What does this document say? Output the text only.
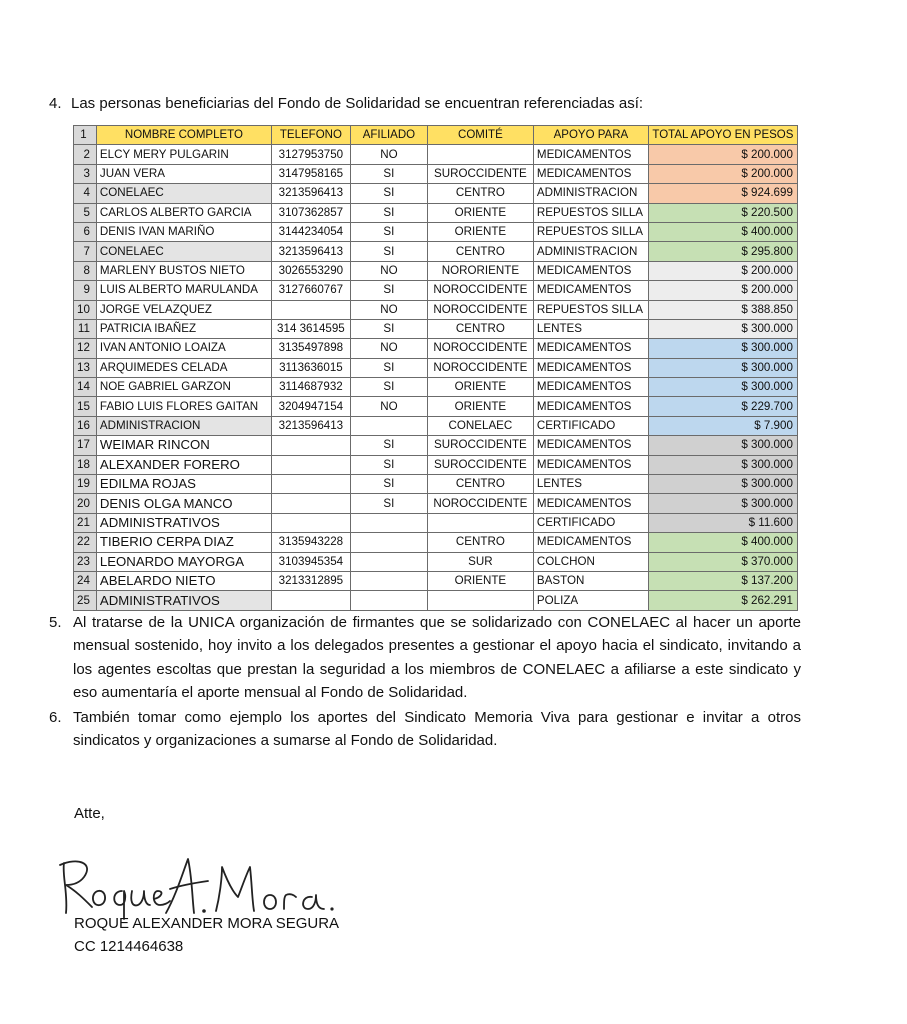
4. Las personas beneficiarias del Fondo de Solidaridad se encuentran referenciadas así:
1	NOMBRE COMPLETO	TELEFONO	AFILIADO	COMITÉ	APOYO PARA	TOTAL APOYO EN PESOS
2	ELCY MERY PULGARIN	3127953750	NO		MEDICAMENTOS	$ 200.000
3	JUAN VERA	3147958165	SI	SUROCCIDENTE	MEDICAMENTOS	$ 200.000
4	CONELAEC	3213596413	SI	CENTRO	ADMINISTRACION	$ 924.699
5	CARLOS ALBERTO GARCIA	3107362857	SI	ORIENTE	REPUESTOS SILLA	$ 220.500
6	DENIS IVAN MARIÑO	3144234054	SI	ORIENTE	REPUESTOS SILLA	$ 400.000
7	CONELAEC	3213596413	SI	CENTRO	ADMINISTRACION	$ 295.800
8	MARLENY BUSTOS NIETO	3026553290	NO	NORORIENTE	MEDICAMENTOS	$ 200.000
9	LUIS ALBERTO MARULANDA	3127660767	SI	NOROCCIDENTE	MEDICAMENTOS	$ 200.000
10	JORGE VELAZQUEZ		NO	NOROCCIDENTE	REPUESTOS SILLA	$ 388.850
11	PATRICIA IBAÑEZ	314 3614595	SI	CENTRO	LENTES	$ 300.000
12	IVAN ANTONIO LOAIZA	3135497898	NO	NOROCCIDENTE	MEDICAMENTOS	$ 300.000
13	ARQUIMEDES CELADA	3113636015	SI	NOROCCIDENTE	MEDICAMENTOS	$ 300.000
14	NOE GABRIEL GARZON	3114687932	SI	ORIENTE	MEDICAMENTOS	$ 300.000
15	FABIO LUIS FLORES GAITAN	3204947154	NO	ORIENTE	MEDICAMENTOS	$ 229.700
16	ADMINISTRACION	3213596413		CONELAEC	CERTIFICADO	$ 7.900
17	WEIMAR RINCON		SI	SUROCCIDENTE	MEDICAMENTOS	$ 300.000
18	ALEXANDER FORERO		SI	SUROCCIDENTE	MEDICAMENTOS	$ 300.000
19	EDILMA ROJAS		SI	CENTRO	LENTES	$ 300.000
20	DENIS OLGA MANCO		SI	NOROCCIDENTE	MEDICAMENTOS	$ 300.000
21	ADMINISTRATIVOS				CERTIFICADO	$ 11.600
22	TIBERIO CERPA DIAZ	3135943228		CENTRO	MEDICAMENTOS	$ 400.000
23	LEONARDO MAYORGA	3103945354		SUR	COLCHON	$ 370.000
24	ABELARDO NIETO	3213312895		ORIENTE	BASTON	$ 137.200
25	ADMINISTRATIVOS				POLIZA	$ 262.291
5. Al tratarse de la UNICA organización de firmantes que se solidarizado con CONELAEC al hacer un aporte mensual sostenido, hoy invito a los delegados presentes a gestionar el apoyo hacia el sindicato, invitando a los agentes escoltas que prestan la seguridad a los miembros de CONELAEC a afiliarse a este sindicato y eso aumentaría el aporte mensual al Fondo de Solidaridad.
6. También tomar como ejemplo los aportes del Sindicato Memoria Viva para gestionar e invitar a otros sindicatos y organizaciones a sumarse al Fondo de Solidaridad.
Atte,
ROQUE ALEXANDER MORA SEGURA
CC 1214464638
